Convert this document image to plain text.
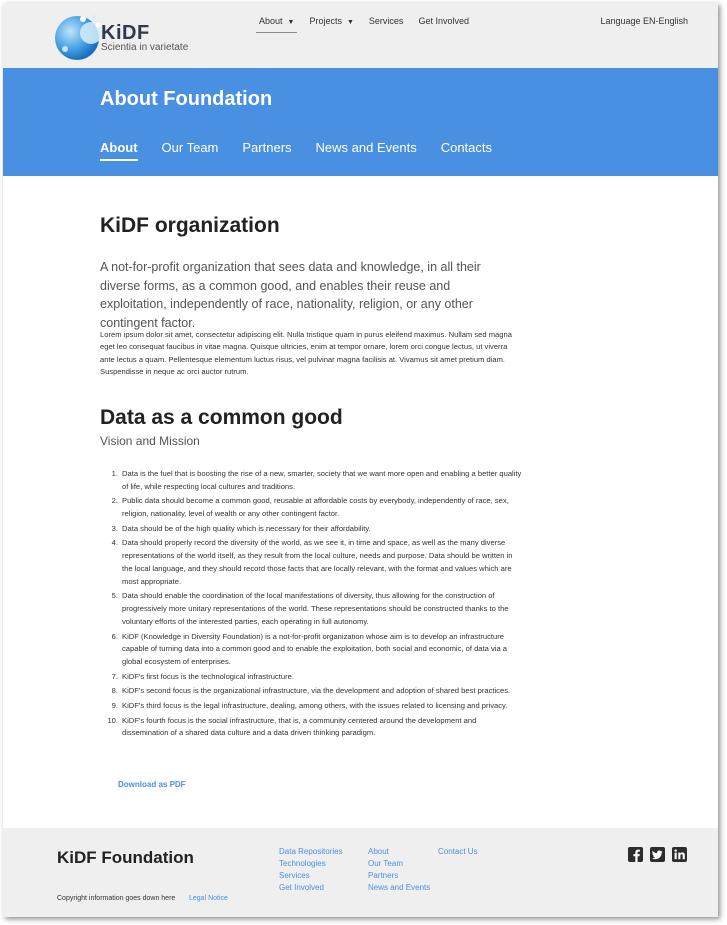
KiDF
Scientia in varietate
About ▼	Projects ▼	Services	Get Involved	Language EN-English
About Foundation
About Our Team Partners News and Events Contacts
KiDF organization

A not-for-profit organization that sees data and knowledge, in all their diverse forms, as a common good, and enables their reuse and exploitation, independently of race, nationality, religion, or any other contingent factor.

Lorem ipsum dolor sit amet, consectetur adipiscing elit. Nulla tristique quam in purus eleifend maximus. Nullam sed magna eget leo consequat faucibus in vitae magna. Quisque ultricies, enim at tempor ornare, lorem orci congue lectus, ut viverra ante lectus a quam. Pellentesque elementum luctus risus, vel pulvinar magna facilisis at. Vivamus sit amet pretium diam. Suspendisse in neque ac orci auctor rutrum.

Data as a common good
Vision and Mission
1. Data is the fuel that is boosting the rise of a new, smarter, society that we want more open and enabling a better quality of life, while respecting local cultures and traditions.
2. Public data should become a common good, reusable at affordable costs by everybody, independently of race, sex, religion, nationality, level of wealth or any other contingent factor.
3. Data should be of the high quality which is necessary for their affordability.
4. Data should properly record the diversity of the world, as we see it, in time and space, as well as the many diverse representations of the world itself, as they result from the local culture, needs and purpose. Data should be written in the local language, and they should record those facts that are locally relevant, with the format and values which are most appropriate.
5. Data should enable the coordination of the local manifestations of diversity, thus allowing for the construction of progressively more unitary representations of the world. These representations should be constructed thanks to the voluntary efforts of the interested parties, each operating in full autonomy.
6. KiDF (Knowledge in Diversity Foundation) is a not-for-profit organization whose aim is to develop an infrastructure capable of turning data into a common good and to enable the exploitation, both social and economic, of data via a global ecosystem of enterprises.
7. KiDF's first focus is the technological infrastructure.
8. KiDF's second focus is the organizational infrastructure, via the development and adoption of shared best practices.
9. KiDF's third focus is the legal infrastructure, dealing, among others, with the issues related to licensing and privacy.
10. KiDF's fourth focus is the social infrastructure, that is, a community centered around the development and dissemination of a shared data culture and a data driven thinking paradigm.
Download as PDF
KiDF Foundation	Data Repositories
Technologies
Services
Get Involved
About
Our Team
Partners
News and Events
Contact Us
Copyright information goes down here Legal Notice
